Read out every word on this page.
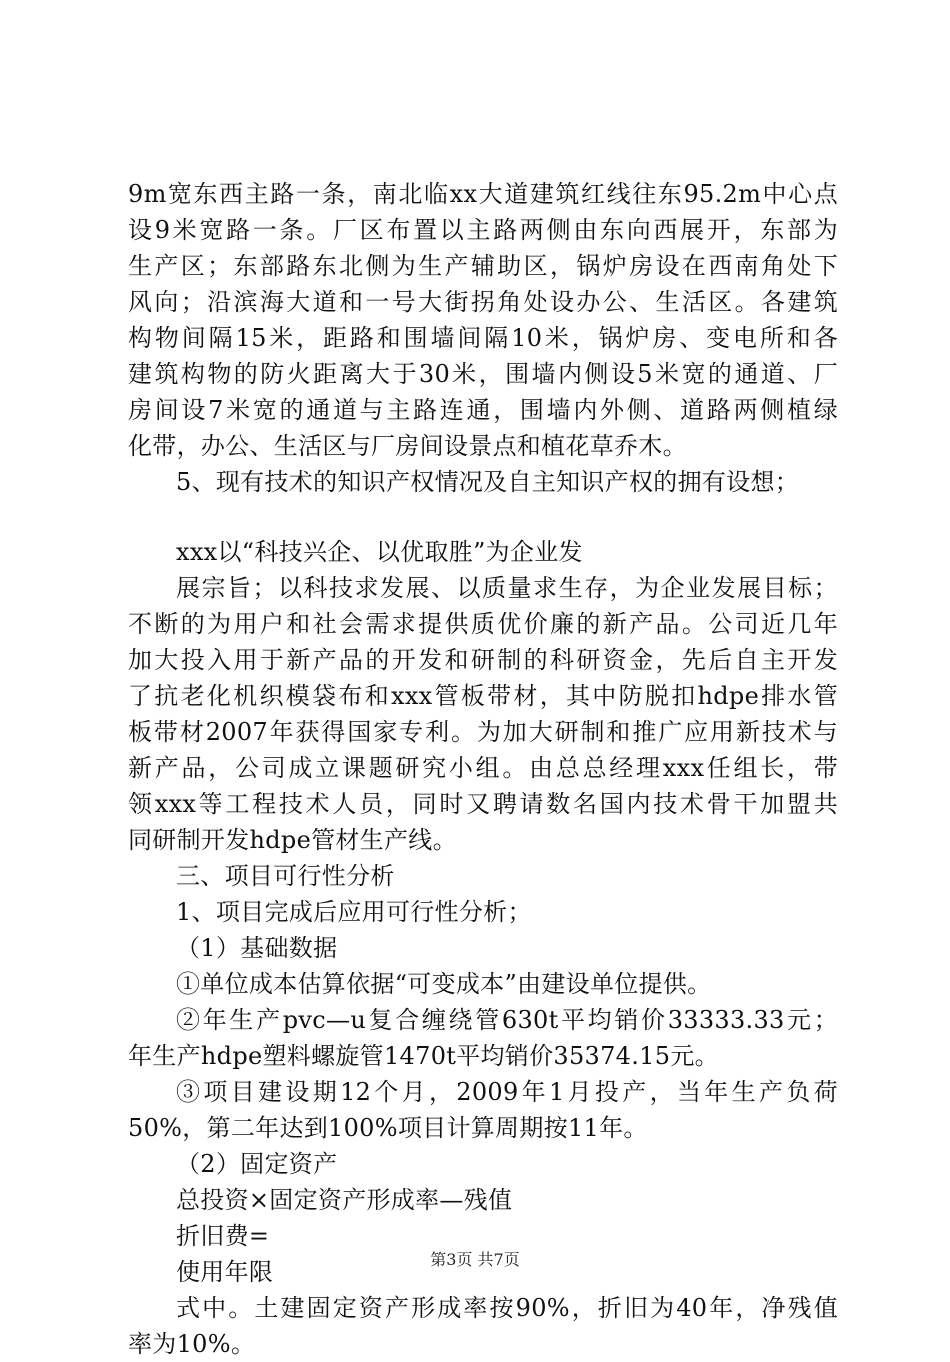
9m宽东西主路一条，南北临xx大道建筑红线往东95.2m中心点
设9米宽路一条。厂区布置以主路两侧由东向西展开，东部为
生产区；东部路东北侧为生产辅助区，锅炉房设在西南角处下
风向；沿滨海大道和一号大街拐角处设办公、生活区。各建筑
构物间隔15米，距路和围墙间隔10米，锅炉房、变电所和各
建筑构物的防火距离大于30米，围墙内侧设5米宽的通道、厂
房间设7米宽的通道与主路连通，围墙内外侧、道路两侧植绿
化带，办公、生活区与厂房间设景点和植花草乔木。
5、现有技术的知识产权情况及自主知识产权的拥有设想；
xxx以“科技兴企、以优取胜”为企业发
展宗旨；以科技求发展、以质量求生存，为企业发展目标；
不断的为用户和社会需求提供质优价廉的新产品。公司近几年
加大投入用于新产品的开发和研制的科研资金，先后自主开发
了抗老化机织模袋布和xxx管板带材，其中防脱扣hdpe排水管
板带材2007年获得国家专利。为加大研制和推广应用新技术与
新产品，公司成立课题研究小组。由总总经理xxx任组长，带
领xxx等工程技术人员，同时又聘请数名国内技术骨干加盟共
同研制开发hdpe管材生产线。
三、项目可行性分析
1、项目完成后应用可行性分析；
（1）基础数据
①单位成本估算依据“可变成本”由建设单位提供。
②年生产pvc—u复合缠绕管630t平均销价33333.33元；
年生产hdpe塑料螺旋管1470t平均销价35374.15元。
③项目建设期12个月，2009年1月投产，当年生产负荷
50%，第二年达到100%项目计算周期按11年。
（2）固定资产
总投资×固定资产形成率—残值
折旧费=
使用年限
式中。土建固定资产形成率按90%，折旧为40年，净残值
率为10%。
第3页 共7页
